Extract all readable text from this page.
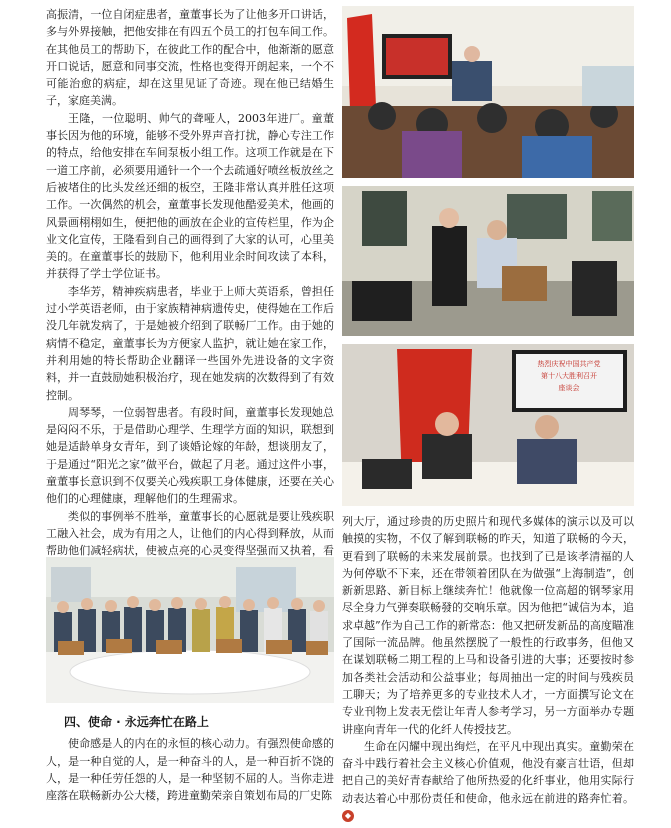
高振清，一位自闭症患者，童董事长为了让他多开口讲话，多与外界接触，把他安排在有四五个员工的打包车间工作。在其他员工的帮助下，在彼此工作的配合中，他渐渐的愿意开口说话，愿意和同事交流，性格也变得开朗起来，一个不可能治愈的病症，却在这里见证了奇迹。现在他已结婚生子，家庭美满。

王隆，一位聪明、帅气的聋哑人，2003年进厂。童董事长因为他的环境，能够不受外界声音打扰，静心专注工作的特点，给他安排在车间泵板小组工作。这项工作就是在下一道工序前，必须要用通针一个一个去疏通好喷丝板放丝之后被堵住的比头发丝还细的板空，王隆非常认真并胜任这项工作。一次偶然的机会，童董事长发现他酷爱美术，他画的风景画栩栩如生，便把他的画放在企业的宣传栏里，作为企业文化宣传，王隆看到自己的画得到了大家的认可，心里美美的。在童董事长的鼓励下，他利用业余时间攻读了本科，并获得了学士学位证书。

李华芳，精神疾病患者，毕业于上师大英语系，曾担任过小学英语老师，由于家族精神病遗传史，使得她在工作后没几年就发病了，于是她被介绍到了联畅厂工作。由于她的病情不稳定，童董事长为方便家人监护，就让她在家工作，并利用她的特长帮助企业翻译一些国外先进设备的文字资料，并一直鼓励她积极治疗，现在她发病的次数得到了有效控制。

周琴琴，一位弱智患者。有段时间，童董事长发现她总是闷闷不乐，于是借助心理学、生理学方面的知识，联想到她是适龄单身女青年，到了谈婚论嫁的年龄，想谈朋友了，于是通过“阳光之家”做平台，做起了月老。通过这件小事，童董事长意识到不仅要关心残疾职工身体健康，还要在关心他们的心理健康，理解他们的生理需求。

类似的事例举不胜举，童董事长的心愿就是要让残疾职工融入社会，成为有用之人，让他们的内心得到释放，从而帮助他们减轻病状，使被点亮的心灵变得坚强而又执着，看

四、使命 · 永远奔忙在路上

使命感是人的内在的永恒的核心动力。有强烈使命感的人，是一种自觉的人，是一种奋斗的人，是一种百折不饶的人，是一种任劳任怨的人，是一种坚韧不屈的人。当你走进座落在联畅新办公大楼，跨进童勤荣亲自策划布局的厂史陈

热烈庆祝中国共产党
第十八大胜利召开
座谈会

列大厅，通过珍贵的历史照片和现代多媒体的演示以及可以触摸的实物，不仅了解到联畅的昨天，知道了联畅的今天，更看到了联畅的未来发展前景。也找到了已是该孝清福的人为何停歇不下来，还在带领着团队在为做强“上海制造”，创新新思路、新目标上继续奔忙！他就像一位高超的钢琴家用尽全身力气弹奏联畅發的交响乐章。因为他把“诚信为本，追求卓越”作为自己工作的新常态：他又把研发新品的高度瞄准了国际一流品牌。他虽然摆脱了一般性的行政事务，但他又在谋划联畅二期工程的上马和设备引进的大事；还要按时参加各类社会活动和公益事业；每周抽出一定的时间与残疾员工聊天；为了培养更多的专业技术人才，一方面撰写论文在专业刊物上发表无偿让年青人参考学习，另一方面举办专题讲座向青年一代的化纤人传授技艺。

生命在闪耀中现出绚烂，在平凡中现出真实。童勤荣在奋斗中践行着社会主义核心价值观，他没有豪言壮语，但却把自己的美好青春献给了他所热爱的化纤事业，他用实际行动表达着心中那份责任和使命，他永远在前进的路奔忙着。◆
